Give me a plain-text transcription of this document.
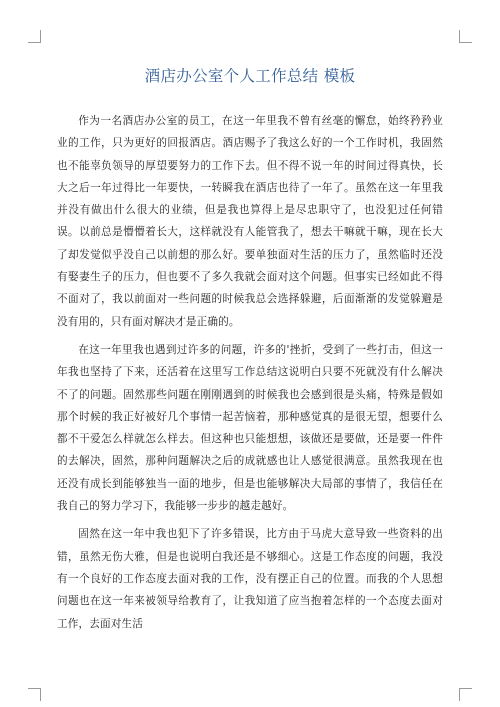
酒店办公室个人工作总结 模板

作为一名酒店办公室的员工，在这一年里我不曾有丝毫的懈怠，始终矜矜业业的工作，只为更好的回报酒店。酒店赐予了我这么好的一个工作时机，我固然也不能辜负领导的厚望要努力的工作下去。但不得不说一年的时间过得真快，长大之后一年过得比一年要快，一转瞬我在酒店也待了一年了。虽然在这一年里我并没有做出什么很大的业绩，但是我也算得上是尽忠职守了，也没犯过任何错误。以前总是懵懵着长大，这样就没有人能管我了，想去干嘛就干嘛，现在长大了却发觉似乎没自己以前想的那么好。要单独面对生活的压力了，虽然临时还没有娶妻生子的压力，但也要不了多久我就会面对这个问题。但事实已经如此不得不面对了，我以前面对一些问题的时候我总会选择躲避，后面渐渐的发觉躲避是没有用的，只有面对解决才是正确的。

在这一年里我也遇到过许多的问题，许多的'挫折，受到了一些打击，但这一年我也坚持了下来，还活着在这里写工作总结这说明白只要不死就没有什么解决不了的问题。固然那些问题在刚刚遇到的时候我也会感到很是头痛，特殊是假如那个时候的我正好被好几个事情一起苦恼着，那种感觉真的是很无望，想要什么都不干爱怎么样就怎么样去。但这种也只能想想，该做还是要做，还是要一件件的去解决，固然，那种问题解决之后的成就感也让人感觉很满意。虽然我现在也还没有成长到能够独当一面的地步，但是也能够解决大局部的事情了，我信任在我自己的努力学习下，我能够一步步的越走越好。

固然在这一年中我也犯下了许多错误，比方由于马虎大意导致一些资料的出错，虽然无伤大雅，但是也说明白我还是不够细心。这是工作态度的问题，我没有一个良好的工作态度去面对我的工作，没有摆正自己的位置。而我的个人思想问题也在这一年来被领导给教育了，让我知道了应当抱着怎样的一个态度去面对工作，去面对生活
